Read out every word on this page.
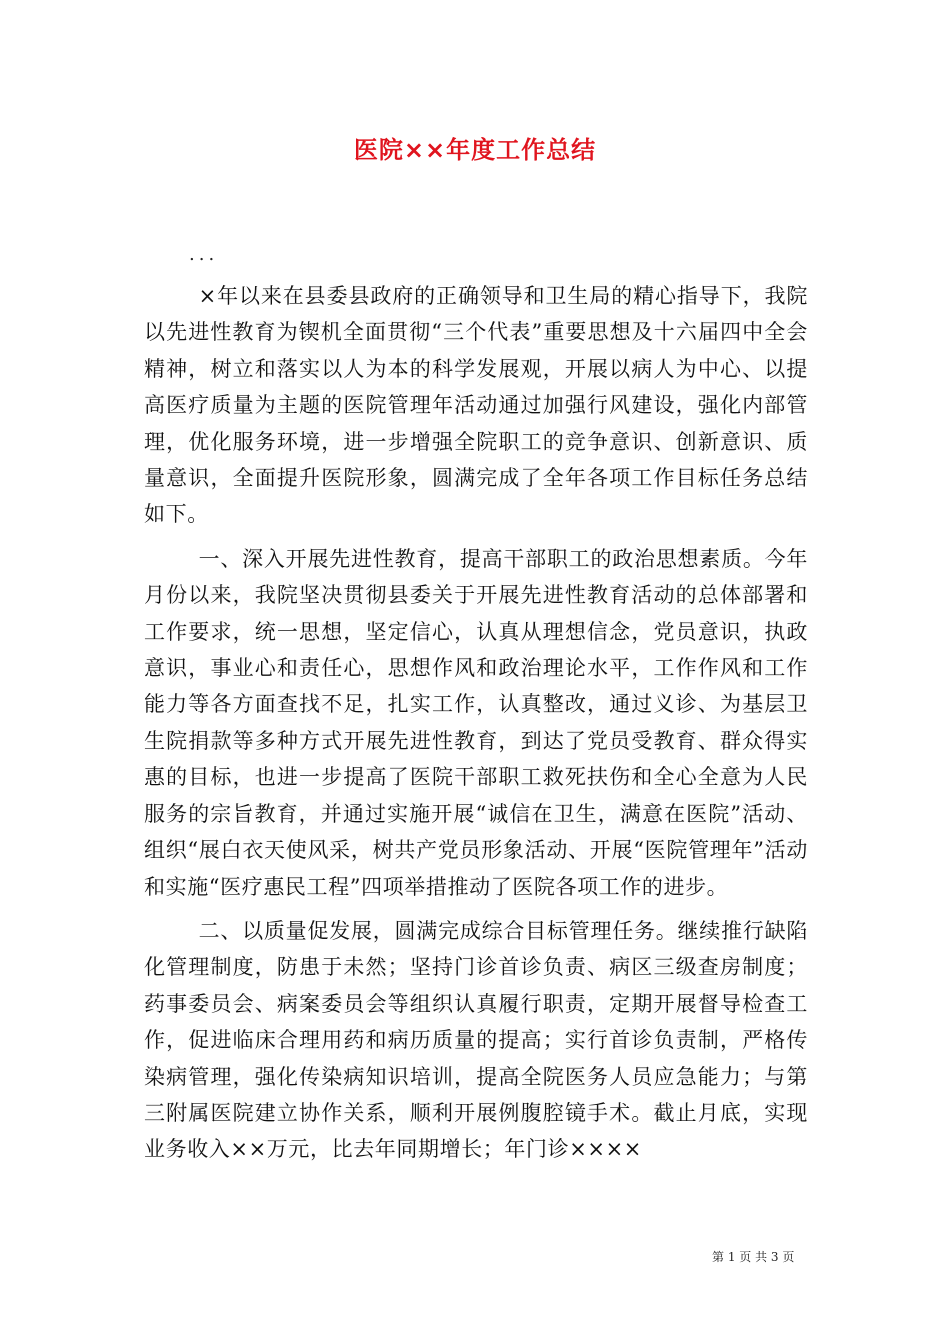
医院××年度工作总结
...

×年以来在县委县政府的正确领导和卫生局的精心指导下，我院以先进性教育为锲机全面贯彻“三个代表”重要思想及十六届四中全会精神，树立和落实以人为本的科学发展观，开展以病人为中心、以提高医疗质量为主题的医院管理年活动通过加强行风建设，强化内部管理，优化服务环境，进一步增强全院职工的竞争意识、创新意识、质量意识，全面提升医院形象，圆满完成了全年各项工作目标任务总结如下。

一、深入开展先进性教育，提高干部职工的政治思想素质。今年月份以来，我院坚决贯彻县委关于开展先进性教育活动的总体部署和工作要求，统一思想，坚定信心，认真从理想信念，党员意识，执政意识，事业心和责任心，思想作风和政治理论水平，工作作风和工作能力等各方面查找不足，扎实工作，认真整改，通过义诊、为基层卫生院捐款等多种方式开展先进性教育，到达了党员受教育、群众得实惠的目标，也进一步提高了医院干部职工救死扶伤和全心全意为人民服务的宗旨教育，并通过实施开展“诚信在卫生，满意在医院”活动、组织“展白衣天使风采，树共产党员形象活动、开展“医院管理年”活动和实施“医疗惠民工程”四项举措推动了医院各项工作的进步。

二、以质量促发展，圆满完成综合目标管理任务。继续推行缺陷化管理制度，防患于未然；坚持门诊首诊负责、病区三级查房制度；药事委员会、病案委员会等组织认真履行职责，定期开展督导检查工作，促进临床合理用药和病历质量的提高；实行首诊负责制，严格传染病管理，强化传染病知识培训，提高全院医务人员应急能力；与第三附属医院建立协作关系，顺利开展例腹腔镜手术。截止月底，实现业务收入××万元，比去年同期增长；年门诊××××

第 1 页 共 3 页
